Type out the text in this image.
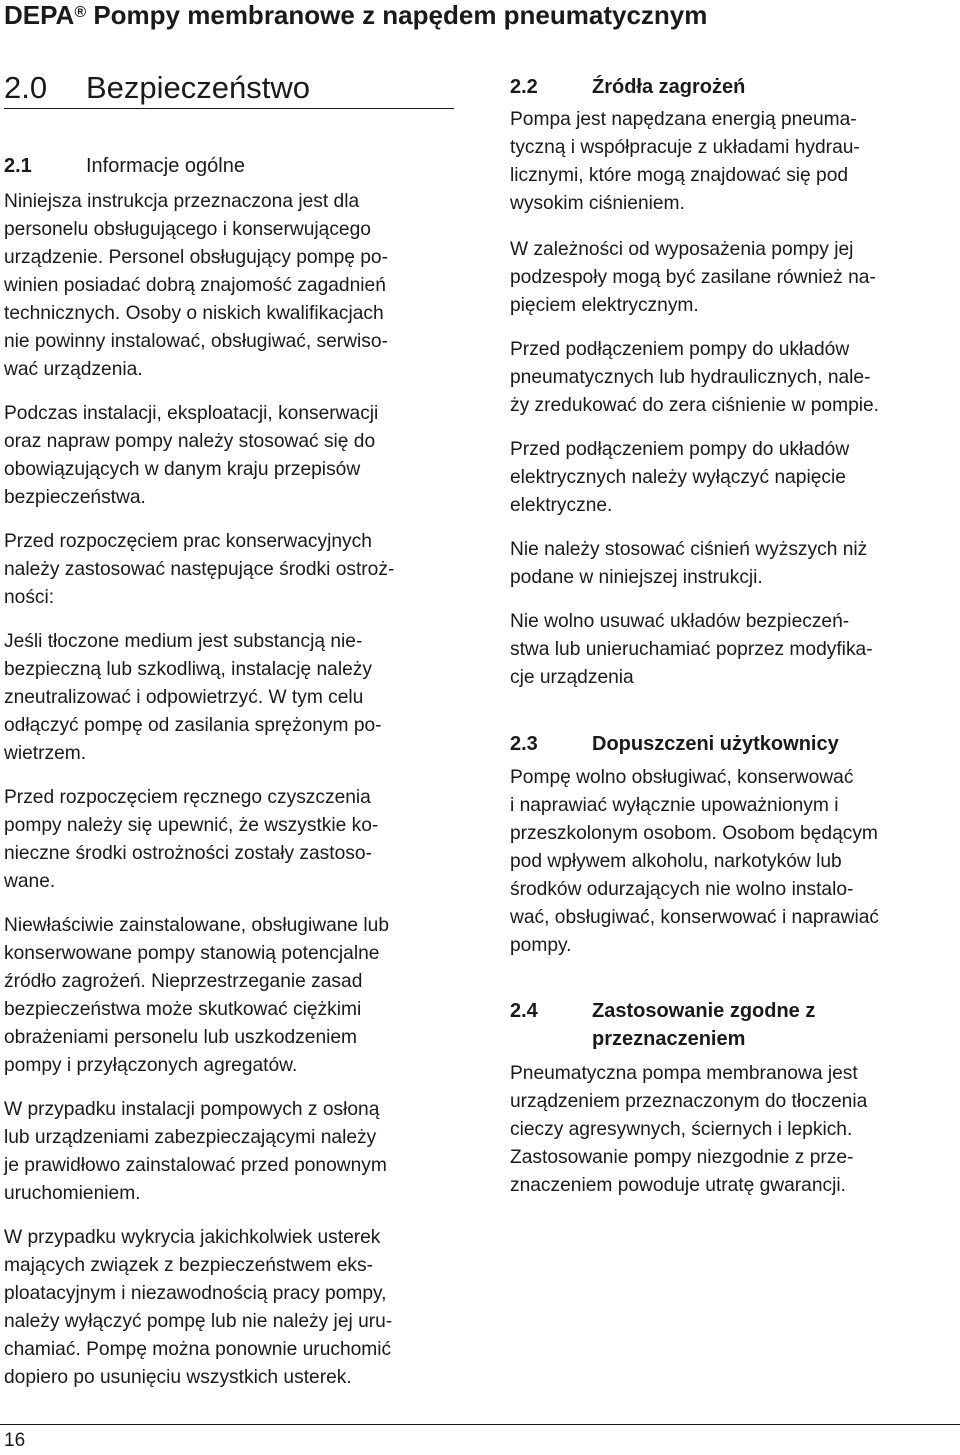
DEPA® Pompy membranowe z napędem pneumatycznym
2.0 Bezpieczeństwo
2.1	Informacje ogólne

Niniejsza instrukcja przeznaczona jest dla
personelu obsługującego i konserwującego
urządzenie. Personel obsługujący pompę po-
winien posiadać dobrą znajomość zagadnień
technicznych. Osoby o niskich kwalifikacjach
nie powinny instalować, obsługiwać, serwiso-
wać urządzenia.

Podczas instalacji, eksploatacji, konserwacji
oraz napraw pompy należy stosować się do
obowiązujących w danym kraju przepisów
bezpieczeństwa.

Przed rozpoczęciem prac konserwacyjnych
należy zastosować następujące środki ostroż-
ności:

Jeśli tłoczone medium jest substancją nie-
bezpieczną lub szkodliwą, instalację należy
zneutralizować i odpowietrzyć. W tym celu
odłączyć pompę od zasilania sprężonym po-
wietrzem.

Przed rozpoczęciem ręcznego czyszczenia
pompy należy się upewnić, że wszystkie ko-
nieczne środki ostrożności zostały zastoso-
wane.

Niewłaściwie zainstalowane, obsługiwane lub
konserwowane pompy stanowią potencjalne
źródło zagrożeń. Nieprzestrzeganie zasad
bezpieczeństwa może skutkować ciężkimi
obrażeniami personelu lub uszkodzeniem
pompy i przyłączonych agregatów.

W przypadku instalacji pompowych z osłoną
lub urządzeniami zabezpieczającymi należy
je prawidłowo zainstalować przed ponownym
uruchomieniem.

W przypadku wykrycia jakichkolwiek usterek
mających związek z bezpieczeństwem eks-
ploatacyjnym i niezawodnością pracy pompy,
należy wyłączyć pompę lub nie należy jej uru-
chamiać. Pompę można ponownie uruchomić
dopiero po usunięciu wszystkich usterek.

2.2	Źródła zagrożeń

Pompa jest napędzana energią pneuma-
tyczną i współpracuje z układami hydrau-
licznymi, które mogą znajdować się pod
wysokim ciśnieniem.

W zależności od wyposażenia pompy jej
podzespoły mogą być zasilane również na-
pięciem elektrycznym.

Przed podłączeniem pompy do układów
pneumatycznych lub hydraulicznych, nale-
ży zredukować do zera ciśnienie w pompie.

Przed podłączeniem pompy do układów
elektrycznych należy wyłączyć napięcie
elektryczne.

Nie należy stosować ciśnień wyższych niż
podane w niniejszej instrukcji.

Nie wolno usuwać układów bezpieczeń-
stwa lub unieruchamiać poprzez modyfika-
cje urządzenia

2.3	Dopuszczeni użytkownicy

Pompę wolno obsługiwać, konserwować
i naprawiać wyłącznie upoważnionym i
przeszkolonym osobom. Osobom będącym
pod wpływem alkoholu, narkotyków lub
środków odurzających nie wolno instalo-
wać, obsługiwać, konserwować i naprawiać
pompy.

2.4	Zastosowanie zgodne z
przeznaczeniem

Pneumatyczna pompa membranowa jest
urządzeniem przeznaczonym do tłoczenia
cieczy agresywnych, ściernych i lepkich.
Zastosowanie pompy niezgodnie z prze-
znaczeniem powoduje utratę gwarancji.

16
